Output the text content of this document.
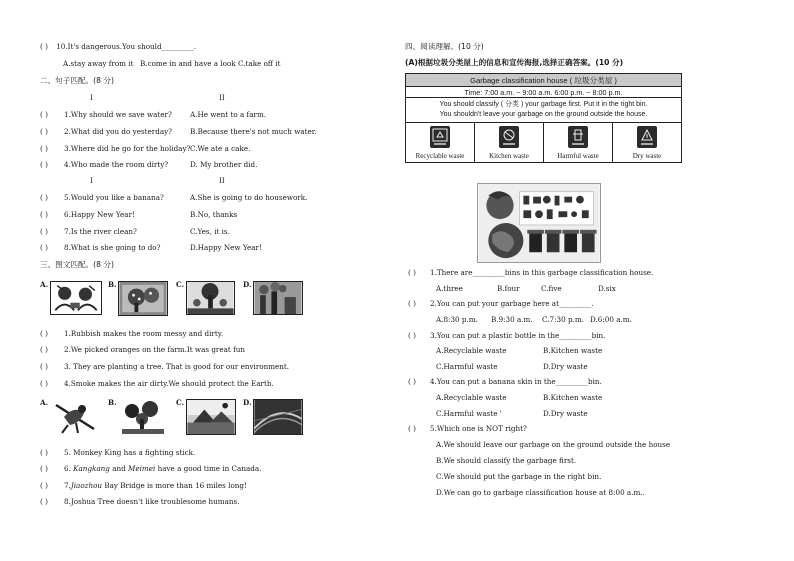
( ) 10.It's dangerous.You should_________.
A.stay away from it B.come in and have a look C.take off it
二、句子匹配。(8 分)
I	II
( ) 1.Why should we save water?	A.He went to a farm.
( ) 2.What did you do yesterday? B.Because there's not much water.
( ) 3.Where did he go for the holiday? C.We ate a cake.
( ) 4.Who made the room dirty?	D. My brother did.
I	II
( ) 5.Would you like a banana?	A.She is going to do housework.
( ) 6.Happy New Year!	B.No, thanks
( ) 7.Is the river clean?	C.Yes, it is.
( ) 8.What is she going to do?	D.Happy New Year!
三、图文匹配。(8 分)
A.	B.	C.	D.
( ) 1.Rubbish makes the room messy and dirty.
( ) 2.We picked oranges on the farm.It was great fun
( ) 3. They are planting a tree. That is good for our environment.
( ) 4.Smoke makes the air dirty.We should protect the Earth.
A.	B.	C.	D.
( ) 5. Monkey King has a fighting stick.
( ) 6. Kangkang and Meimei have a good time in Canada.
( ) 7.Jiaozhou Bay Bridge is more than 16 miles long!
( ) 8.Joshua Tree doesn't like troublesome humans.
四、阅读理解。(10 分)
(A)根据垃圾分类屋上的信息和宣传海报,选择正确答案。(10 分)
Garbage classification house ( 垃圾分类屋 )
Time: 7:00 a.m. ~ 9:00 a.m. 6:00 p.m. ~ 8:00 p.m.
You should classify ( 分类 ) your garbage first. Put it in the right bin.
You shouldn't leave your garbage on the ground outside the house.
Recyclable waste	Kitchen waste	Harmful waste	Dry waste
( ) 1.There are_________bins in this garbage classification house.
A.three	B.four	C.five	D.six
( ) 2.You can put your garbage here at_________.
A.8:30 p.m. B.9:30 a.m. C.7:30 p.m. D.6:00 a.m.
( ) 3.You can put a plastic bottle in the_________bin.
A.Recyclable waste	B.Kitchen waste
C.Harmful waste	D.Dry waste
( ) 4.You can put a banana skin in the_________bin.
A.Recyclable waste	B.Kitchen waste
C.Harmful waste '	D.Dry waste
( ) 5.Which one is NOT right?
A.We should leave our garbage on the ground outside the house
B.We should classify the garbage first.
C.We should put the garbage in the right bin.
D.We can go to garbage classification house at 8:00 a.m..
